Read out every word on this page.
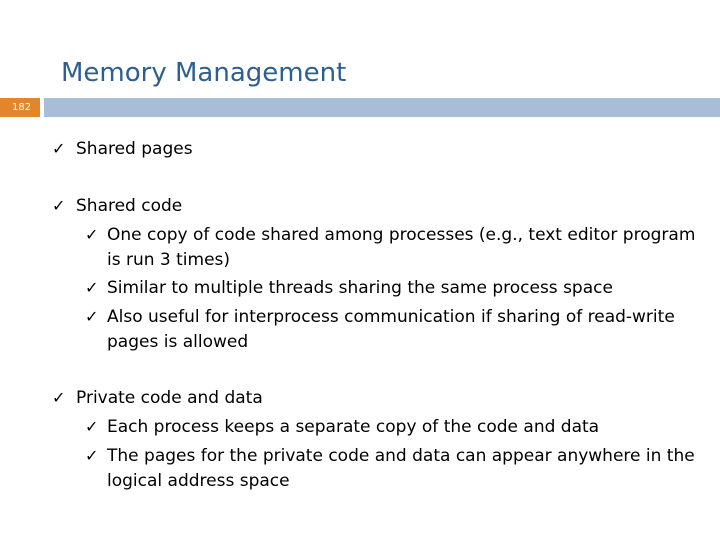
Memory Management
182
✓ Shared pages
✓ Shared code
✓ One copy of code shared among processes (e.g., text editor program is run 3 times)
✓ Similar to multiple threads sharing the same process space
✓ Also useful for interprocess communication if sharing of read-write pages is allowed
✓ Private code and data
✓ Each process keeps a separate copy of the code and data
✓ The pages for the private code and data can appear anywhere in the logical address space
